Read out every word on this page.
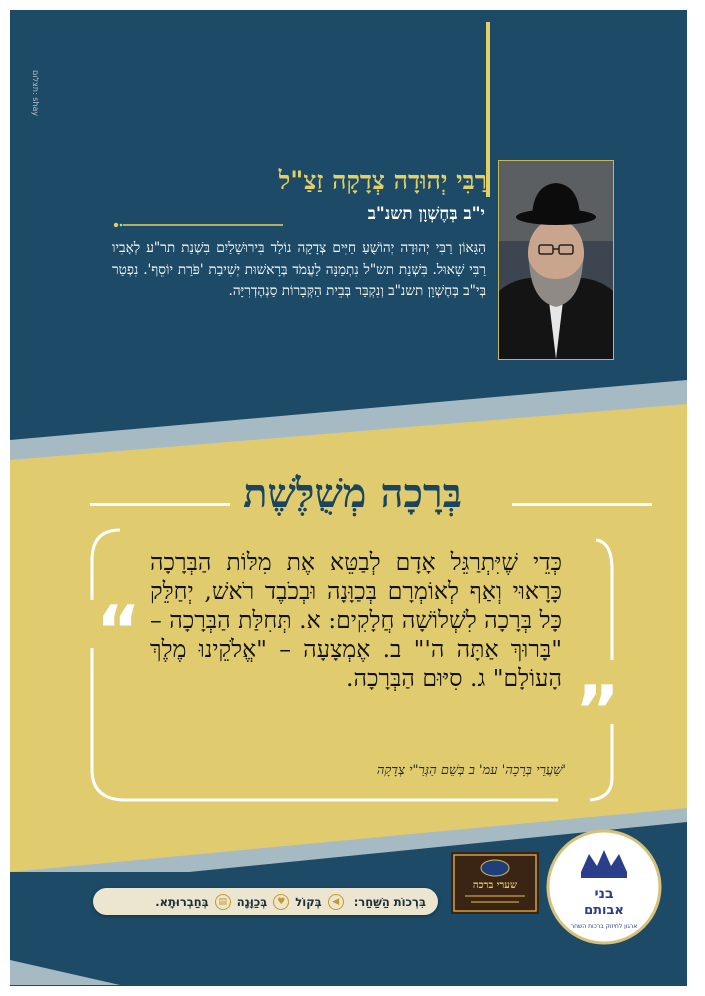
תצלום: shay
רַבִּי יְהוּדָה צְדָקָה זַצַ"ל
י"ב בְּחֶשְׁוָן תשנ"ב
הַגָּאוֹן רַבִּי יְהוּדָה יְהוֹשֻׁעַ חַיִּים צְדָקָה נוֹלַד בִּירוּשָׁלַיִם בִּשְׁנַת תר"ע לְאָבִיו רַבִּי שָׁאוּל. בִּשְׁנַת תש"ל נִתְמַנָּה לַעֲמֹד בְּרָאשׁוּת יְשִׁיבַת 'פֹּרַת יוֹסֵף'. נִפְטַר בְּי"ב בְּחֶשְׁוָן תשנ"ב וְנִקְבַּר בְּבֵית הַקְּבָרוֹת סַנְהֶדְרִיָּה.
בְּרָכָה מְשֻׁלֶּשֶׁת
“
”
כְּדֵי שֶׁיִּתְרַגֵּל אָדָם לְבַטֵּא אֶת מִלּוֹת הַבְּרָכָה כָּרָאוּי וְאַף לְאוֹמְרָם בְּכַוָּנָה וּבְכֹבֶד רֹאשׁ, יְחַלֵּק כָּל בְּרָכָה לִשְׁלוֹשָׁה חֲלָקִים: א. תְּחִלַּת הַבְּרָכָה – "בָּרוּךְ אַתָּה ה'" ב. אֶמְצָעָה – "אֱלֹקֵינוּ מֶלֶךְ הָעוֹלָם" ג. סִיּוּם הַבְּרָכָה.
'שַׁעֲרֵי בְּרָכָה' עמ' ב בְּשֵׁם הַגְּרַ"י צְדָקָה
בני
אבותם
ארגון לחיזוק ברכות השחר
שערי ברכה
בִּרְכוֹת הַשַּׁחַר:
◀
בְּקוֹל
♥
בְּכַוָּנָה
▤
בְּחַבְרוּתָא.
